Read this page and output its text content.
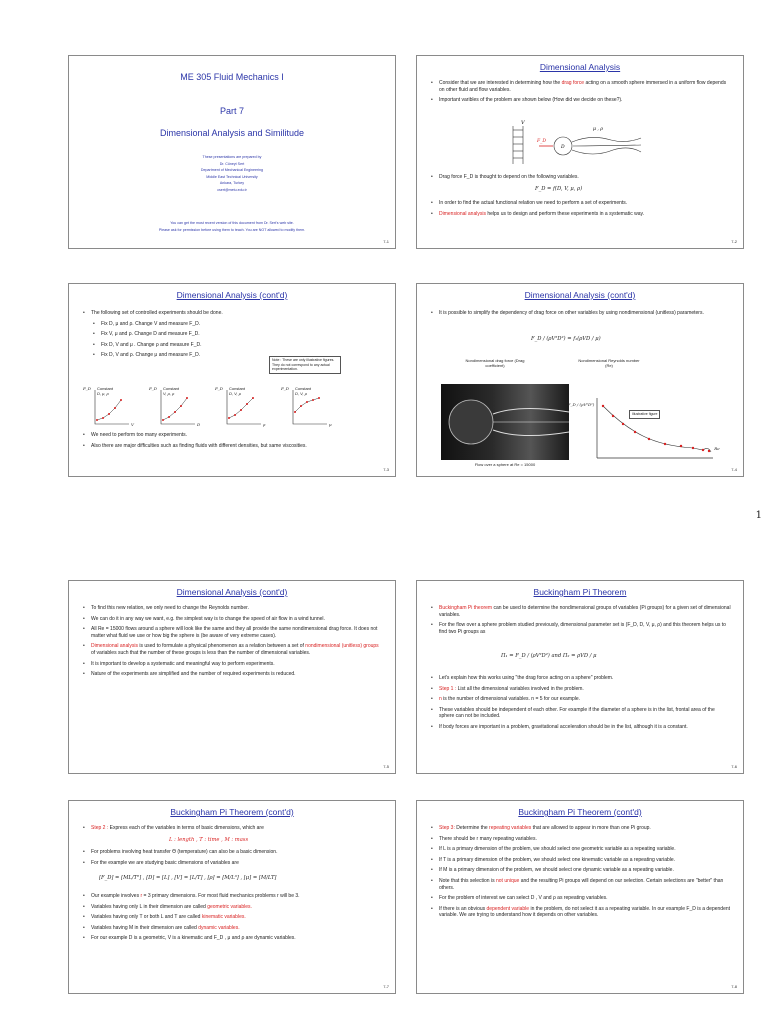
ME 305 Fluid Mechanics I
Part 7
Dimensional Analysis and Similitude
These presentations are prepared by
Dr. Cüneyt Sert
Department of Mechanical Engineering
Middle East Technical University
Ankara, Turkey
csert@metu.edu.tr
You can get the most recent version of this document from Dr. Sert's web site.
Please ask for permission before using them to teach. You are NOT allowed to modify them.
7-1
Dimensional Analysis
• Consider that we are interested in determining how the drag force acting on a smooth sphere immersed in a uniform flow depends on other fluid and flow variables.
• Important varibles of the problem are shown below (How did we decide on these?).
V
μ , ρ
F_D
D
• Drag force F_D is thought to depend on the following variables.
F_D = f(D, V, μ, ρ)
• In order to find the actual functional relation we need to perform a set of experiments.
• Dimensional analysis helps us to design and perform these experiments in a systematic way.
7-2
Dimensional Analysis (cont'd)
• The following set of controlled experiments should be done.
• Fix D, μ and ρ. Change V and measure F_D.
• Fix V, μ and ρ. Change D and measure F_D.
• Fix D, V and μ . Change ρ and measure F_D.
• Fix D, V and ρ. Change μ and measure F_D.
Note : These are only illustrative figures. They do not correspond to any actual experimentation.
F_D Constant
D, μ, ρ
V
F_D Constant
V, μ, ρ
D
F_D Constant
D, V, μ
ρ
F_D Constant
D, V, ρ
μ
• We need to perform too many experiments.
• Also there are major difficulties such as finding fluids with different densities, but same viscosities.
7-3
Dimensional Analysis (cont'd)
• It is possible to simplify the dependency of drag force on other variables by using nondimensional (unitless) parameters.
F_D / (ρV²D²) = f₁(ρVD / μ)
Nondimensional drag force (Drag coefficient)
Nondimensional Reynolds number (Re)
Flow over a sphere at Re = 15000
F_D / (ρV²D²)
Illustrative figure
Re
7-4
Dimensional Analysis (cont'd)
• To find this new relation, we only need to change the Reynolds number.
• We can do it in any way we want, e.g. the simplest way is to change the speed of air flow in a wind tunnel.
• All Re = 15000 flows around a sphere will look like the same and they all provide the same nondimensional drag force. It does not matter what fluid we use or how big the sphere is (be aware of very extreme cases).
• Dimensional analysis is used to formulate a physical phenomenon as a relation between a set of nondimensional (unitless) groups of variables such that the number of these groups is less than the number of dimensional variables.
• It is important to develop a systematic and meaningful way to perform experiments.
• Nature of the experiments are simplified and the number of required experiments is reduced.
7-5
Buckingham Pi Theorem
• Buckingham Pi theorem can be used to determine the nondimensional groups of variables (Pi groups) for a given set of dimensional variables.
• For the flow over a sphere problem studied previously, dimensional parameter set is (F_D, D, V, μ, ρ) and this theorem helps us to find two Pi groups as
Π₁ = F_D / (ρV²D²) and Π₂ = ρVD / μ
• Let's explain how this works using "the drag force acting on a sphere" problem.
• Step 1 : List all the dimensional variables involved in the problem.
• n is the number of dimensional variables. n = 5 for our example.
• These variables should be independent of each other. For example if the diameter of a sphere is in the list, frontal area of the sphere can not be included.
• If body forces are important in a problem, gravitational acceleration should be in the list, although it is a constant.
7-6
Buckingham Pi Theorem (cont'd)
• Step 2 : Express each of the variables in terms of basic dimensions, which are
L : length , T : time , M : mass
• For problems involving heat transfer Θ (temperature) can also be a basic dimension.
• For the example we are studying basic dimensions of variables are
[F_D] = [ML/T²] , [D] = [L] , [V] = [L/T] , [ρ] = [M/L³] , [μ] = [M/LT]
• Our example involves r = 3 primary dimensions. For most fluid mechanics problems r will be 3.
• Variables having only L in their dimension are called geometric variables.
• Variables having only T or both L and T are called kinematic variables.
• Variables having M in their dimension are called dynamic variables.
• For our example D is a geometric, V is a kinematic and F_D , μ and ρ are dynamic variables.
7-7
Buckingham Pi Theorem (cont'd)
• Step 3: Determine the repeating variables that are allowed to appear in more than one Pi group.
• There should be r many repeating variables.
• If L is a primary dimension of the problem, we should select one geometric variable as a repeating variable.
• If T is a primary dimension of the problem, we should select one kinematic variable as a repeating variable.
• If M is a primary dimension of the problem, we should select one dynamic variable as a repeating variable.
• Note that this selection is not unique and the resulting Pi groups will depend on our selection. Certain selections are "better" than others.
• For the problem of interest we can select D , V and ρ as repeating variables.
• If there is an obvious dependent variable in the problem, do not select it as a repeating variable. In our example F_D is a dependent variable. We are trying to understand how it depends on other variables.
7-8
1
